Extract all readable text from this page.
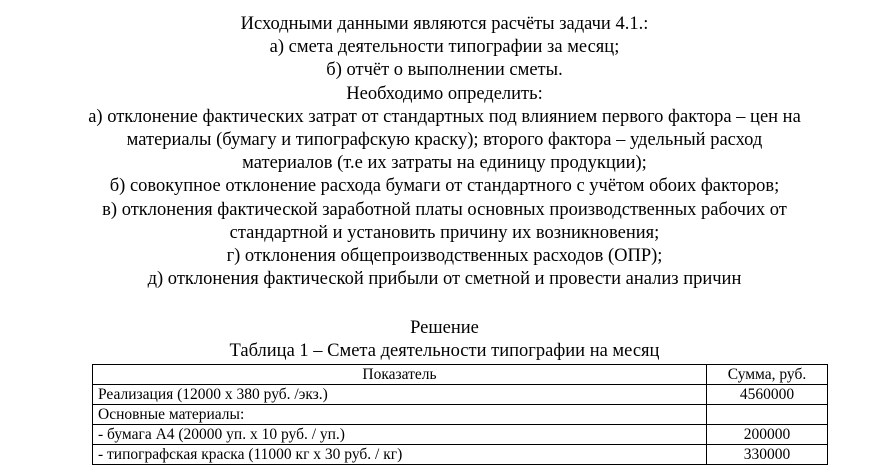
Исходными данными являются расчёты задачи 4.1.:
а) смета деятельности типографии за месяц;
б) отчёт о выполнении сметы.
Необходимо определить:
а) отклонение фактических затрат от стандартных под влиянием первого фактора – цен на
материалы (бумагу и типографскую краску); второго фактора – удельный расход
материалов (т.е их затраты на единицу продукции);
б) совокупное отклонение расхода бумаги от стандартного с учётом обоих факторов;
в) отклонения фактической заработной платы основных производственных рабочих от
стандартной и установить причину их возникновения;
г) отклонения общепроизводственных расходов (ОПР);
д) отклонения фактической прибыли от сметной и провести анализ причин
Решение
Таблица 1 – Смета деятельности типографии на месяц
Показатель	Сумма, руб.
Реализация (12000 х 380 руб. /экз.)	4560000
Основные материалы:	
- бумага А4 (20000 уп. х 10 руб. / уп.)	200000
- типографская краска (11000 кг х 30 руб. / кг)	330000
